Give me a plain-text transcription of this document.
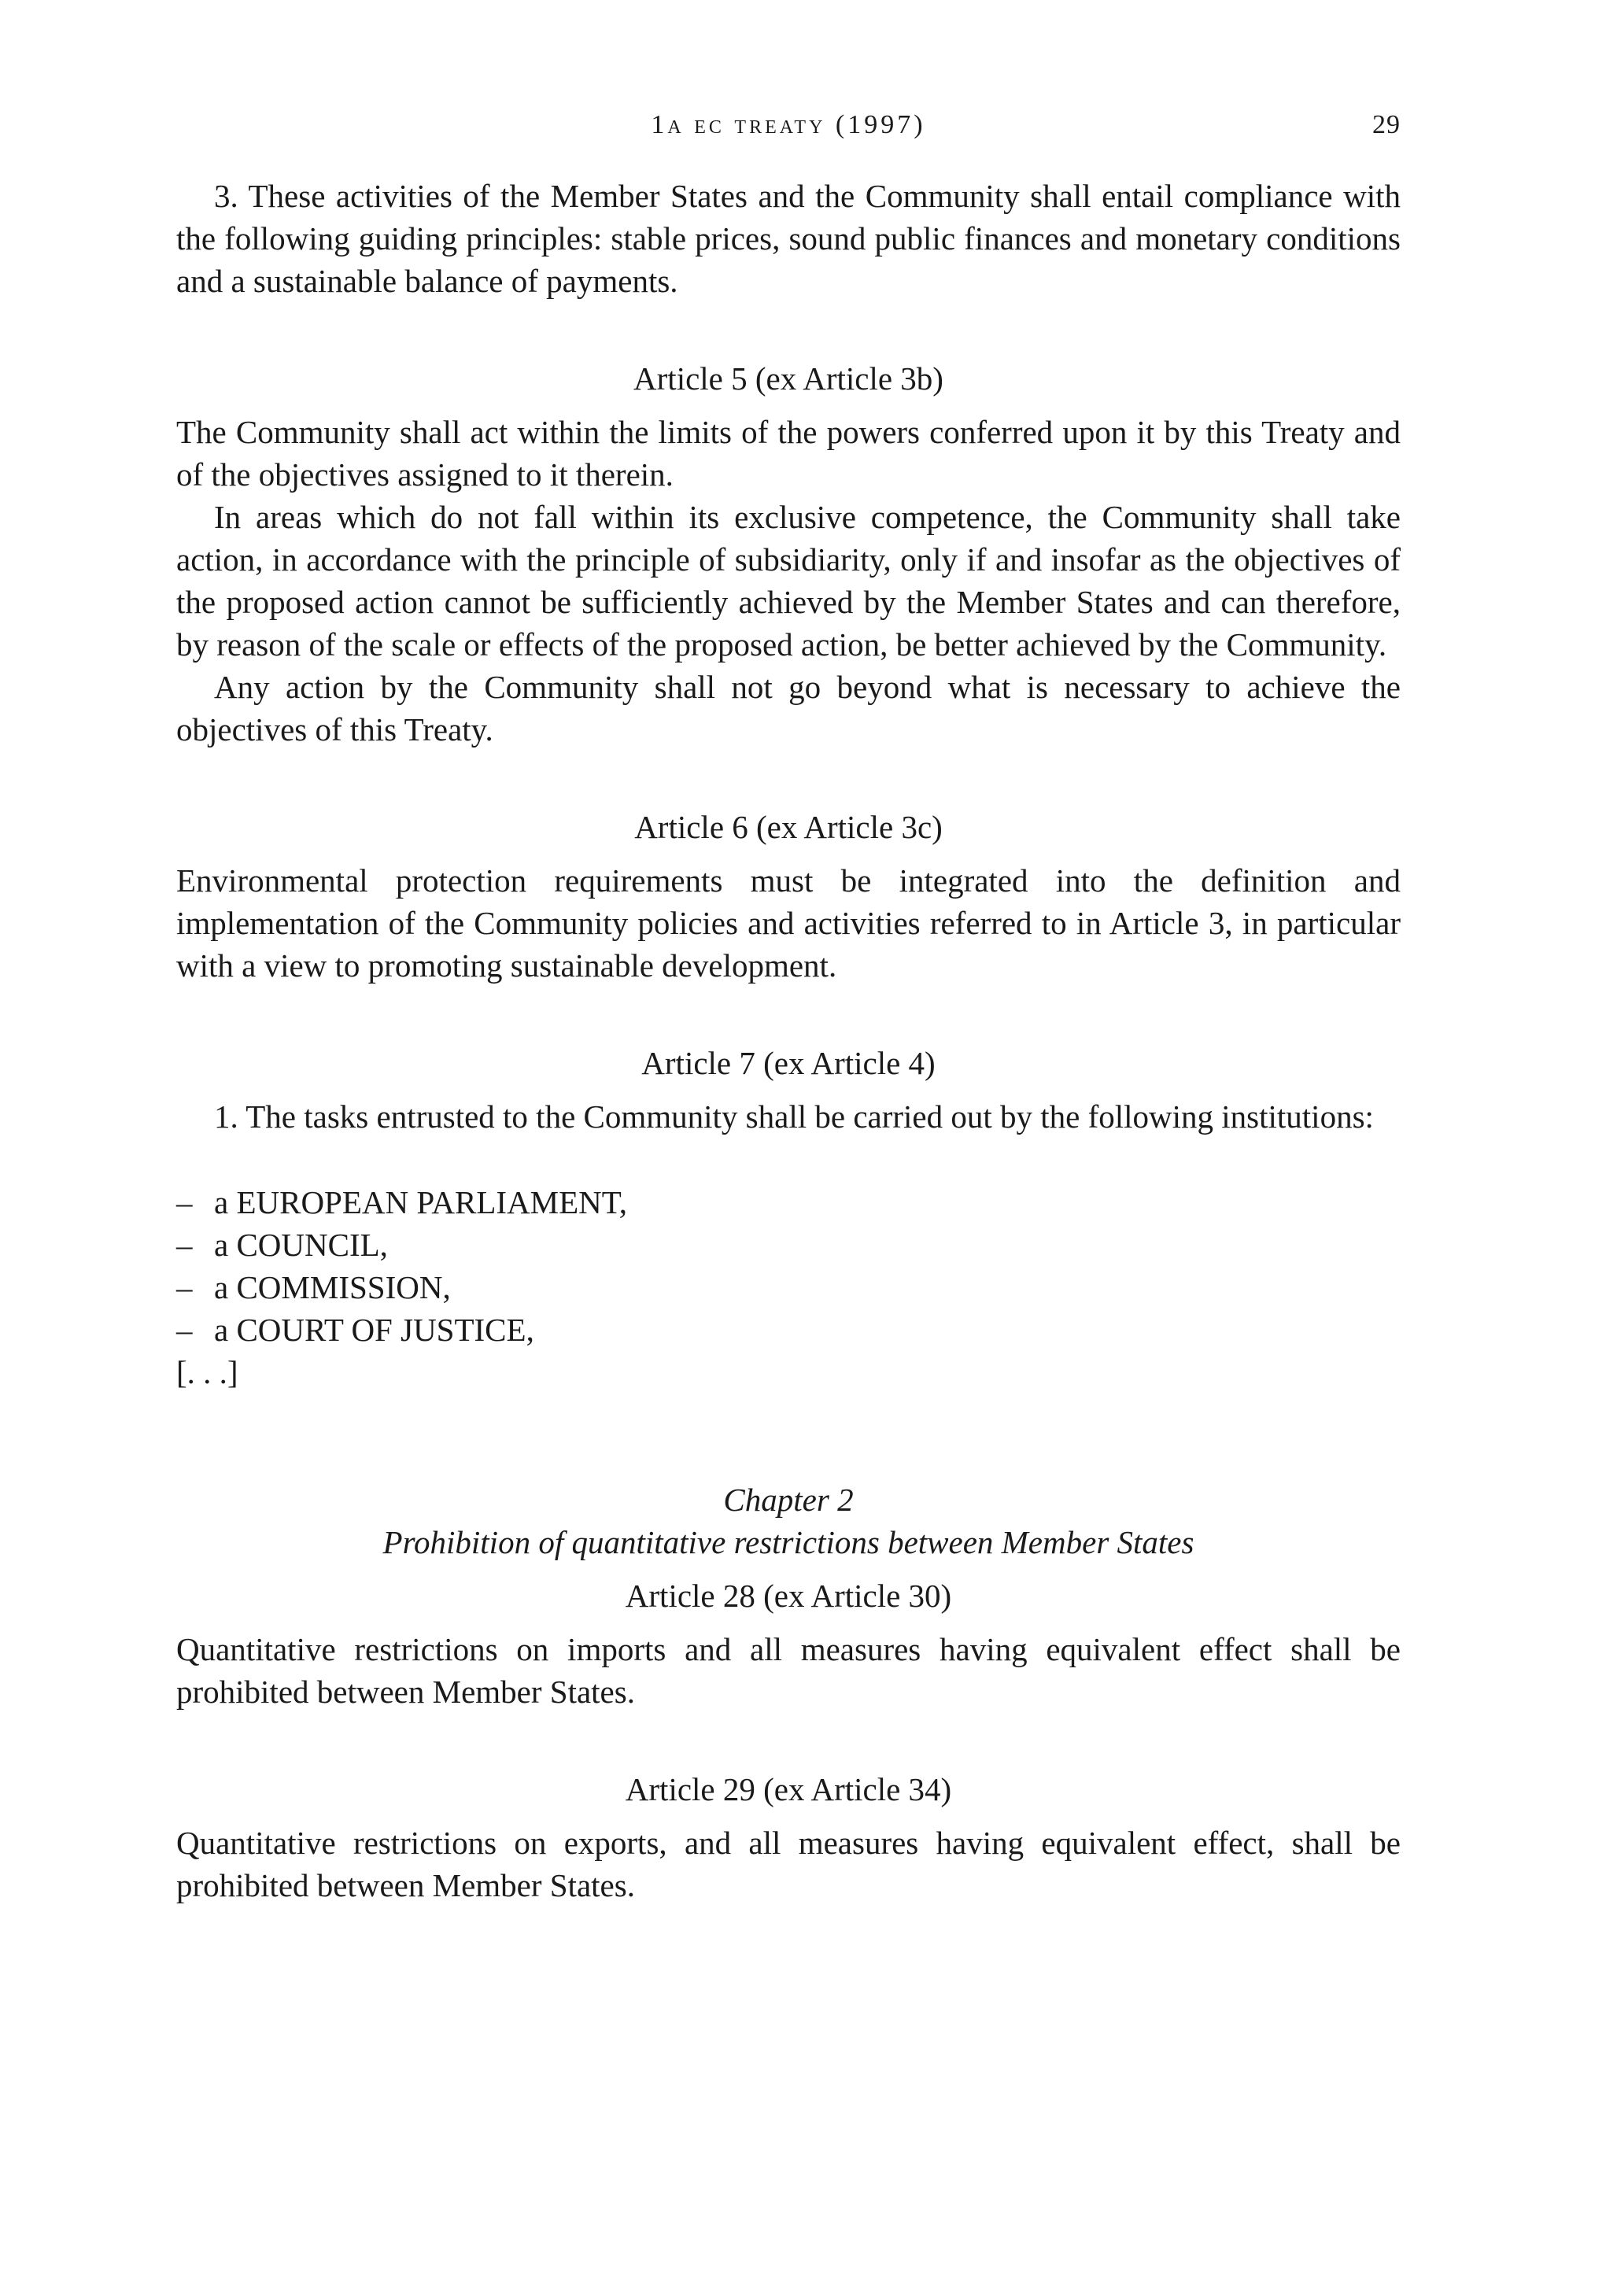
1a ec treaty (1997)	29

3. These activities of the Member States and the Community shall entail compliance with the following guiding principles: stable prices, sound public finances and monetary conditions and a sustainable balance of payments.

Article 5 (ex Article 3b)

The Community shall act within the limits of the powers conferred upon it by this Treaty and of the objectives assigned to it therein.

In areas which do not fall within its exclusive competence, the Community shall take action, in accordance with the principle of subsidiarity, only if and insofar as the objectives of the proposed action cannot be sufficiently achieved by the Member States and can therefore, by reason of the scale or effects of the proposed action, be better achieved by the Community.

Any action by the Community shall not go beyond what is necessary to achieve the objectives of this Treaty.

Article 6 (ex Article 3c)

Environmental protection requirements must be integrated into the definition and implementation of the Community policies and activities referred to in Article 3, in particular with a view to promoting sustainable development.

Article 7 (ex Article 4)

1. The tasks entrusted to the Community shall be carried out by the following institutions:

– a EUROPEAN PARLIAMENT,
– a COUNCIL,
– a COMMISSION,
– a COURT OF JUSTICE,

[. . .]

Chapter 2

Prohibition of quantitative restrictions between Member States

Article 28 (ex Article 30)

Quantitative restrictions on imports and all measures having equivalent effect shall be prohibited between Member States.

Article 29 (ex Article 34)

Quantitative restrictions on exports, and all measures having equivalent effect, shall be prohibited between Member States.
